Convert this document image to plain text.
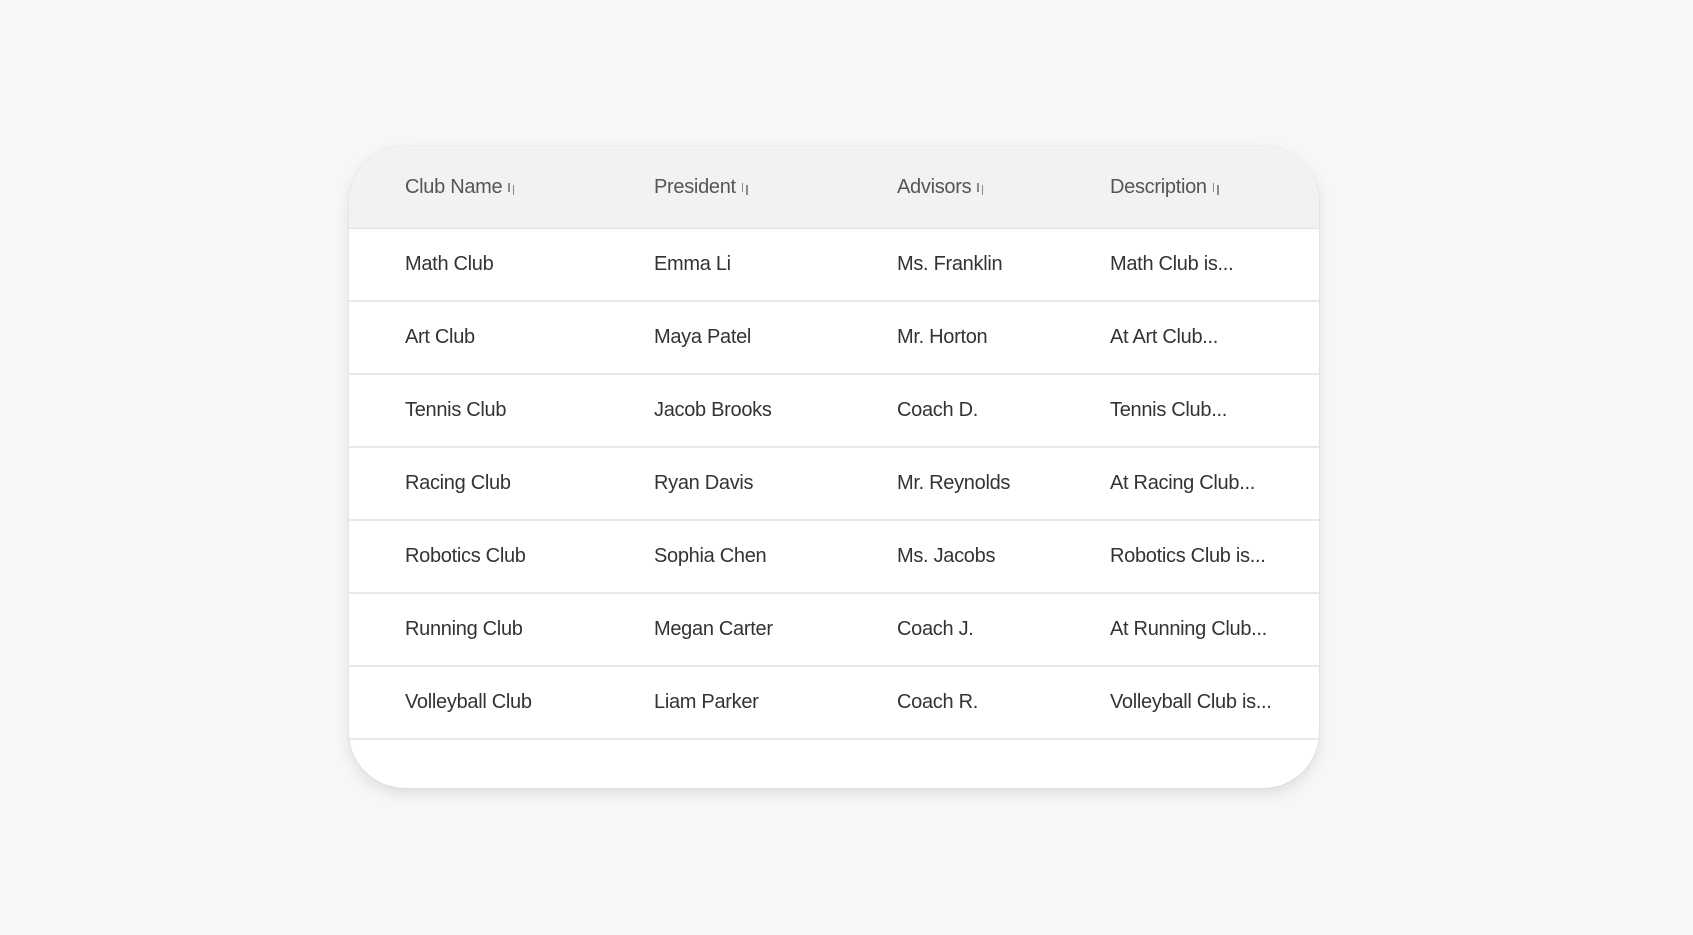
Club Name	President	Advisors	Description
Math Club	Emma Li	Ms. Franklin	Math Club is...
Art Club	Maya Patel	Mr. Horton	At Art Club...
Tennis Club	Jacob Brooks	Coach D.	Tennis Club...
Racing Club	Ryan Davis	Mr. Reynolds	At Racing Club...
Robotics Club	Sophia Chen	Ms. Jacobs	Robotics Club is...
Running Club	Megan Carter	Coach J.	At Running Club...
Volleyball Club	Liam Parker	Coach R.	Volleyball Club is...
